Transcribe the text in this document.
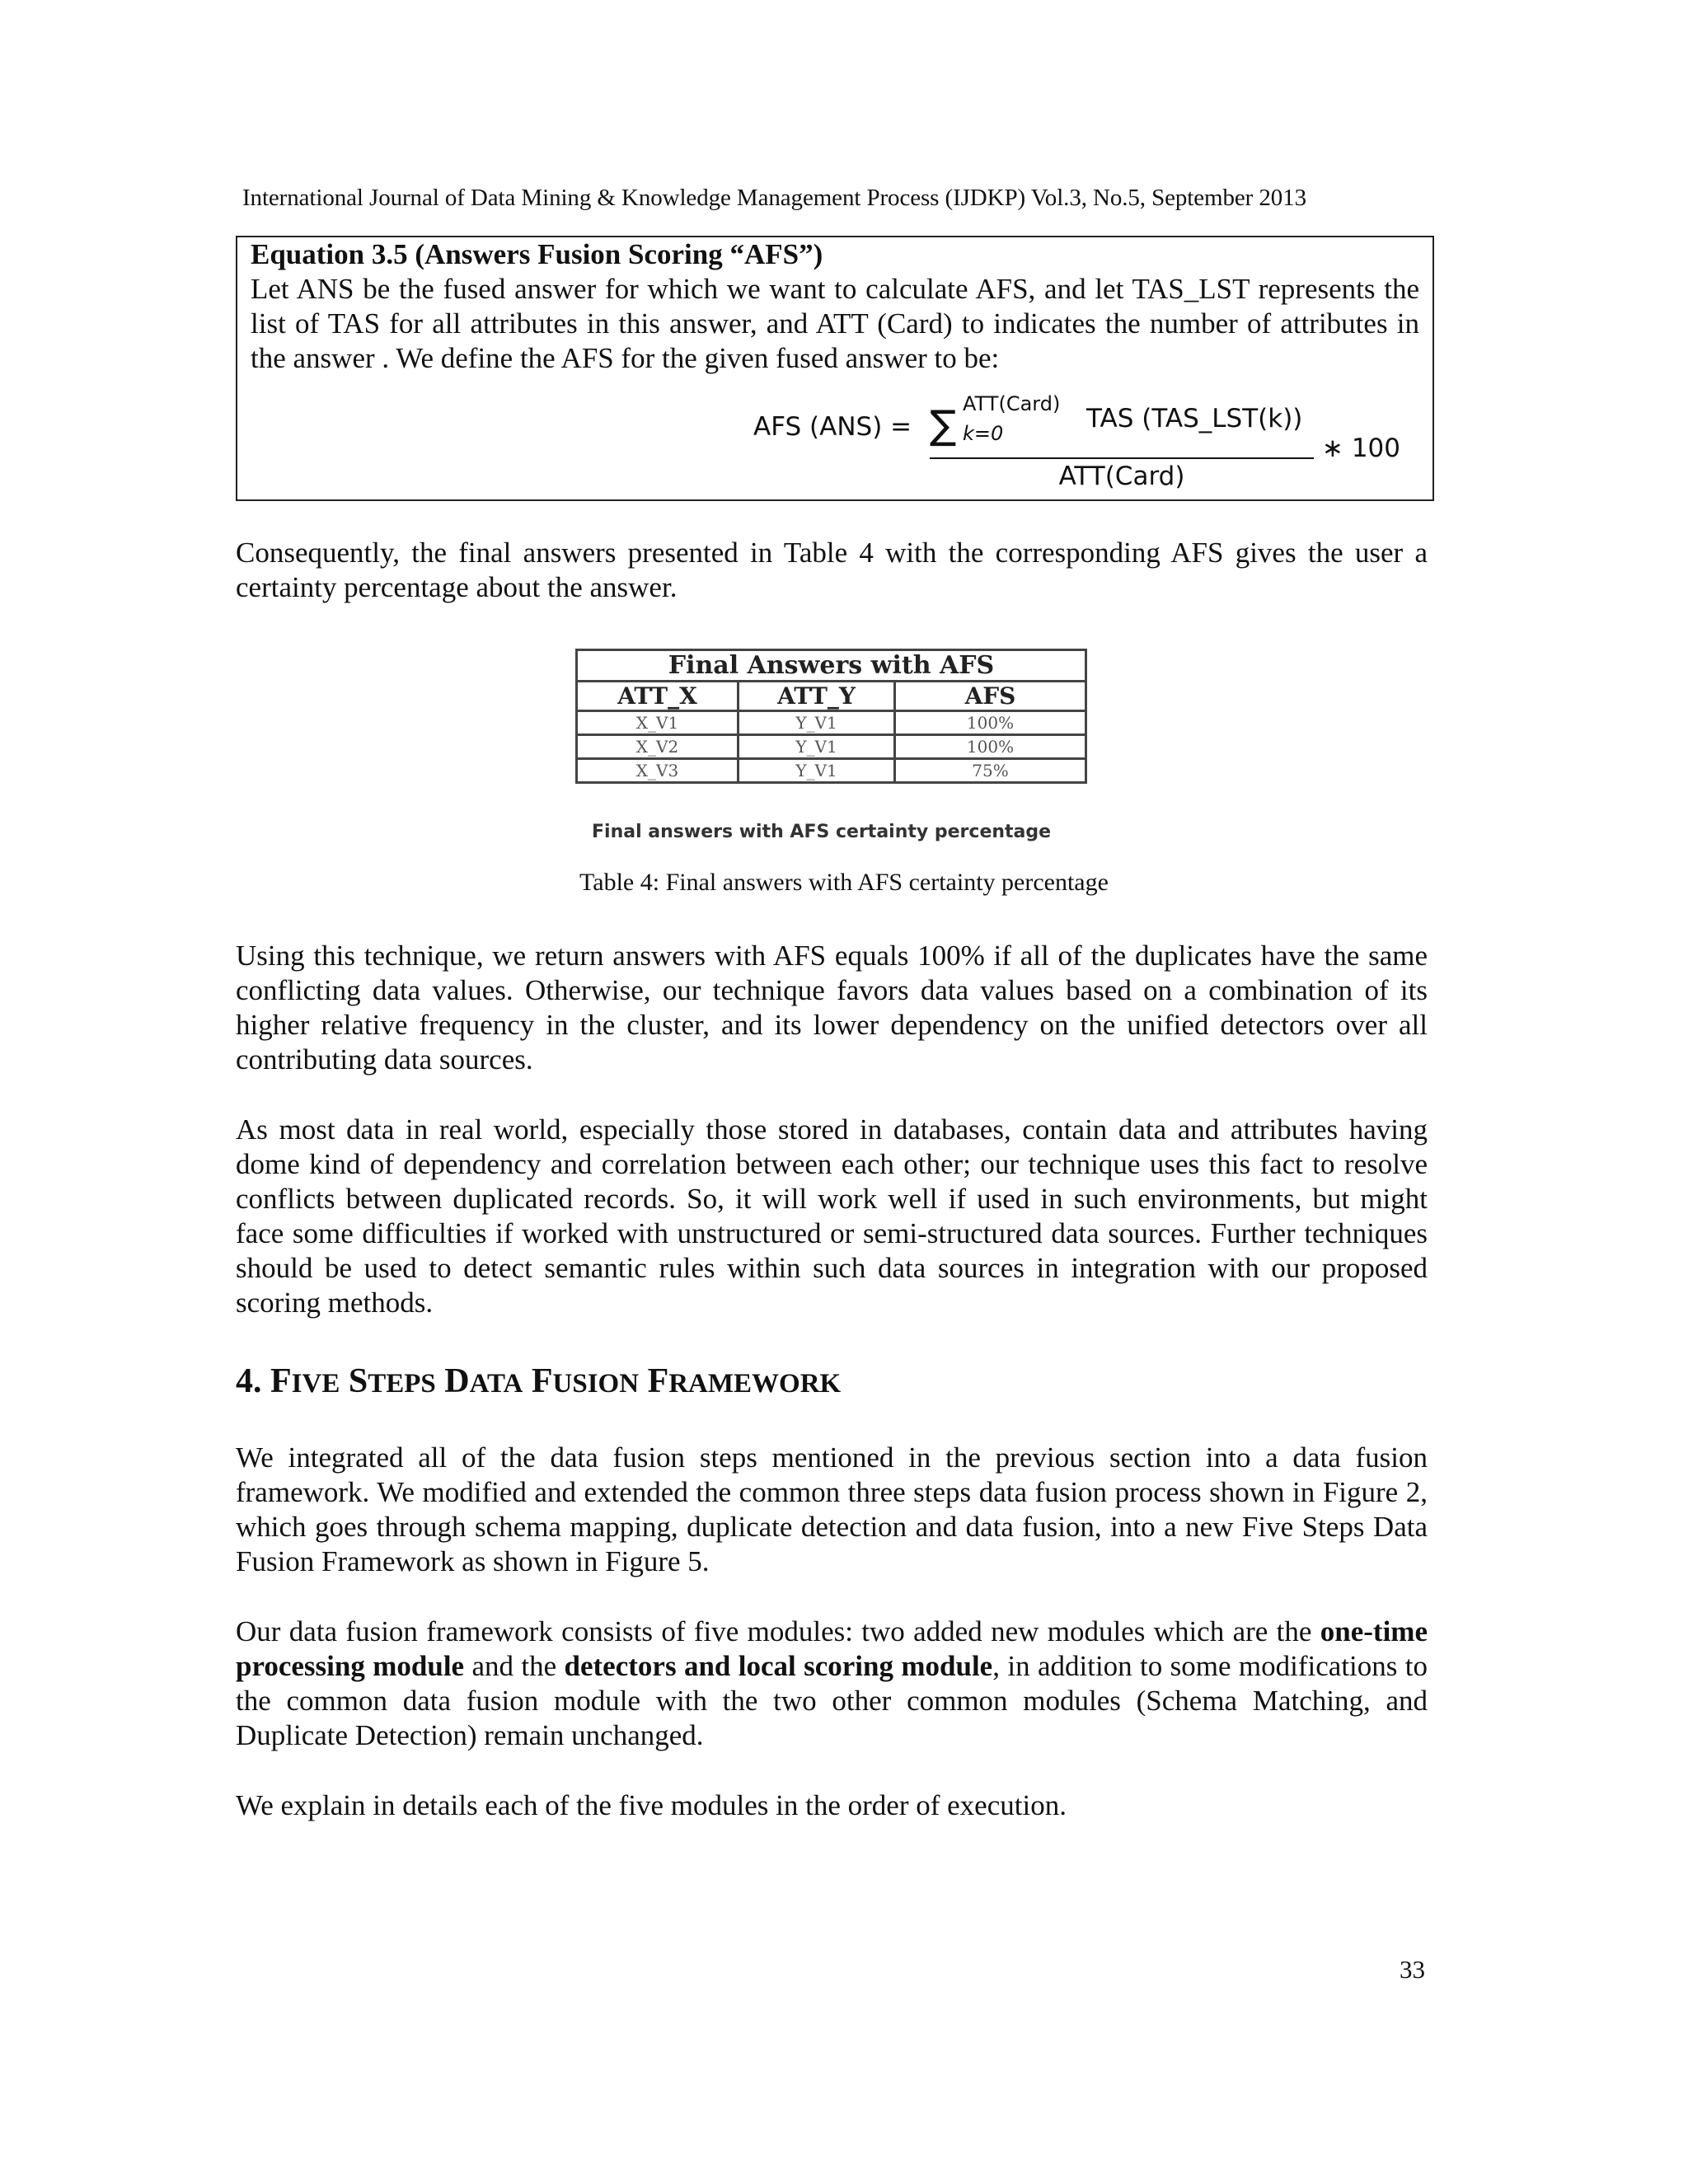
International Journal of Data Mining & Knowledge Management Process (IJDKP) Vol.3, No.5, September 2013
Equation 3.5 (Answers Fusion Scoring “AFS”)
Let ANS be the fused answer for which we want to calculate AFS, and let TAS_LST represents the list of TAS for all attributes in this answer, and ATT (Card) to indicates the number of attributes in the answer . We define the AFS for the given fused answer to be:
AFS (ANS) = ∑ ATT(Card)
k=0	TAS (TAS_LST(k))
ATT(Card)
∗ 100
Consequently, the final answers presented in Table 4 with the corresponding AFS gives the user a certainty percentage about the answer.
Final Answers with AFS		
ATT_X	ATT_Y	AFS
X_V1	Y_V1	100%
X_V2	Y_V1	100%
X_V3	Y_V1	75%
Final answers with AFS certainty percentage
Table 4: Final answers with AFS certainty percentage
Using this technique, we return answers with AFS equals 100% if all of the duplicates have the same conflicting data values. Otherwise, our technique favors data values based on a combination of its higher relative frequency in the cluster, and its lower dependency on the unified detectors over all contributing data sources.
As most data in real world, especially those stored in databases, contain data and attributes having dome kind of dependency and correlation between each other; our technique uses this fact to resolve conflicts between duplicated records. So, it will work well if used in such environments, but might face some difficulties if worked with unstructured or semi-structured data sources. Further techniques should be used to detect semantic rules within such data sources in integration with our proposed scoring methods.
4. FIVE STEPS DATA FUSION FRAMEWORK
We integrated all of the data fusion steps mentioned in the previous section into a data fusion framework. We modified and extended the common three steps data fusion process shown in Figure 2, which goes through schema mapping, duplicate detection and data fusion, into a new Five Steps Data Fusion Framework as shown in Figure 5.
Our data fusion framework consists of five modules: two added new modules which are the one-time processing module and the detectors and local scoring module, in addition to some modifications to the common data fusion module with the two other common modules (Schema Matching, and Duplicate Detection) remain unchanged.
We explain in details each of the five modules in the order of execution.
33
